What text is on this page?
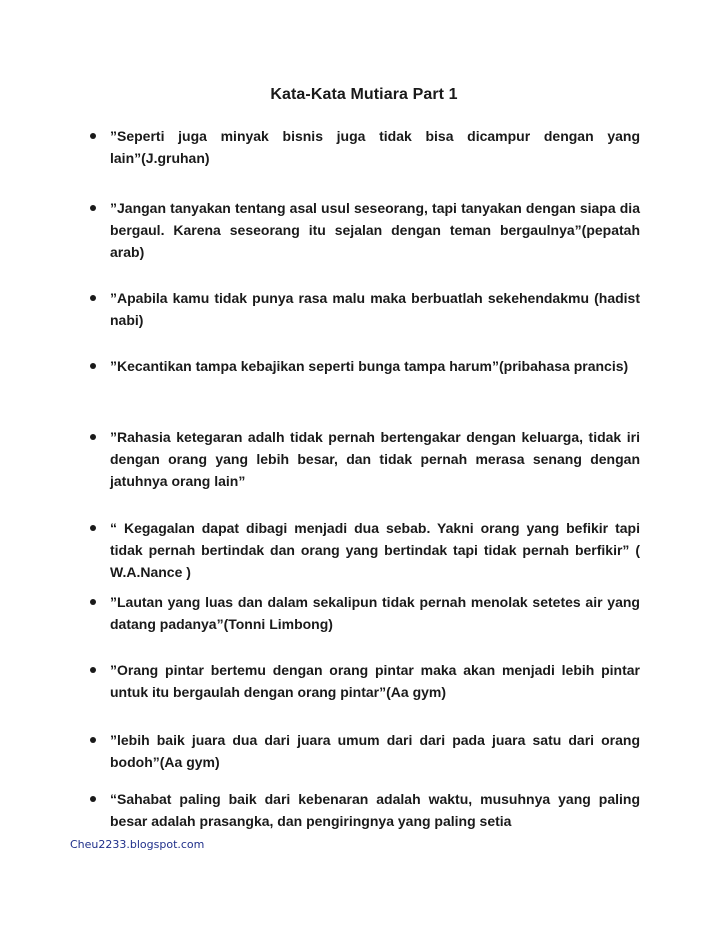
Kata-Kata Mutiara Part 1
”Seperti juga minyak bisnis juga tidak bisa dicampur dengan yang lain”(J.gruhan)
”Jangan tanyakan tentang asal usul seseorang, tapi tanyakan dengan siapa dia bergaul. Karena seseorang itu sejalan dengan teman bergaulnya”(pepatah arab)
”Apabila kamu tidak punya rasa malu maka berbuatlah sekehendakmu (hadist nabi)
”Kecantikan tampa kebajikan seperti bunga tampa harum”(pribahasa prancis)
”Rahasia ketegaran adalh tidak pernah bertengakar dengan keluarga, tidak iri dengan orang yang lebih besar, dan tidak pernah merasa senang dengan jatuhnya orang lain”
“ Kegagalan dapat dibagi menjadi dua sebab. Yakni orang yang befikir tapi tidak pernah bertindak dan orang yang bertindak tapi tidak pernah berfikir” ( W.A.Nance )
”Lautan yang luas dan dalam sekalipun tidak pernah menolak setetes air yang datang padanya”(Tonni Limbong)
”Orang pintar bertemu dengan orang pintar maka akan menjadi lebih pintar untuk itu bergaulah dengan orang pintar”(Aa gym)
”lebih baik juara dua dari juara umum dari dari pada juara satu dari orang bodoh”(Aa gym)
“Sahabat paling baik dari kebenaran adalah waktu, musuhnya yang paling besar adalah prasangka, dan pengiringnya yang paling setia
Cheu2233.blogspot.com
